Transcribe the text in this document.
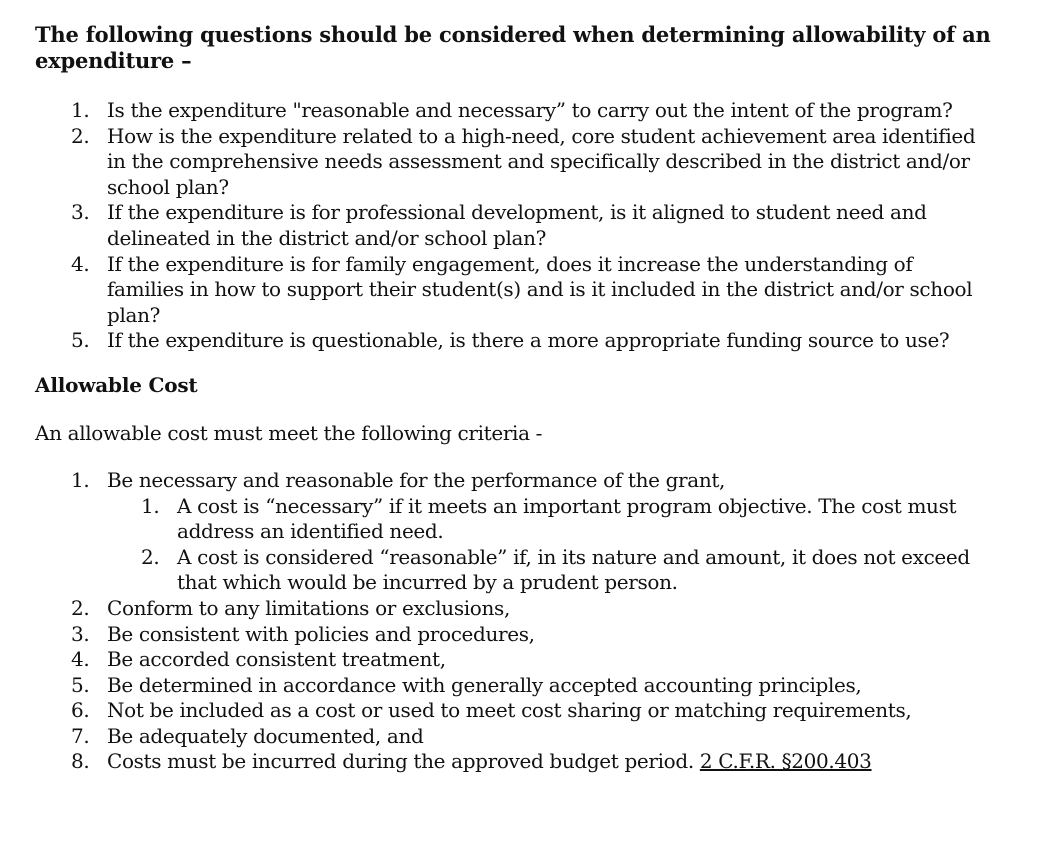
The following questions should be considered when determining allowability of an expenditure –
1. Is the expenditure "reasonable and necessary” to carry out the intent of the program?
2. How is the expenditure related to a high-need, core student achievement area identified in the comprehensive needs assessment and specifically described in the district and/or school plan?
3. If the expenditure is for professional development, is it aligned to student need and delineated in the district and/or school plan?
4. If the expenditure is for family engagement, does it increase the understanding of families in how to support their student(s) and is it included in the district and/or school plan?
5. If the expenditure is questionable, is there a more appropriate funding source to use?
Allowable Cost

An allowable cost must meet the following criteria -

1. Be necessary and reasonable for the performance of the grant,
1. A cost is “necessary” if it meets an important program objective. The cost must address an identified need.
2. A cost is considered “reasonable” if, in its nature and amount, it does not exceed that which would be incurred by a prudent person.
2. Conform to any limitations or exclusions,
3. Be consistent with policies and procedures,
4. Be accorded consistent treatment,
5. Be determined in accordance with generally accepted accounting principles,
6. Not be included as a cost or used to meet cost sharing or matching requirements,
7. Be adequately documented, and
8. Costs must be incurred during the approved budget period. 2 C.F.R. §200.403
